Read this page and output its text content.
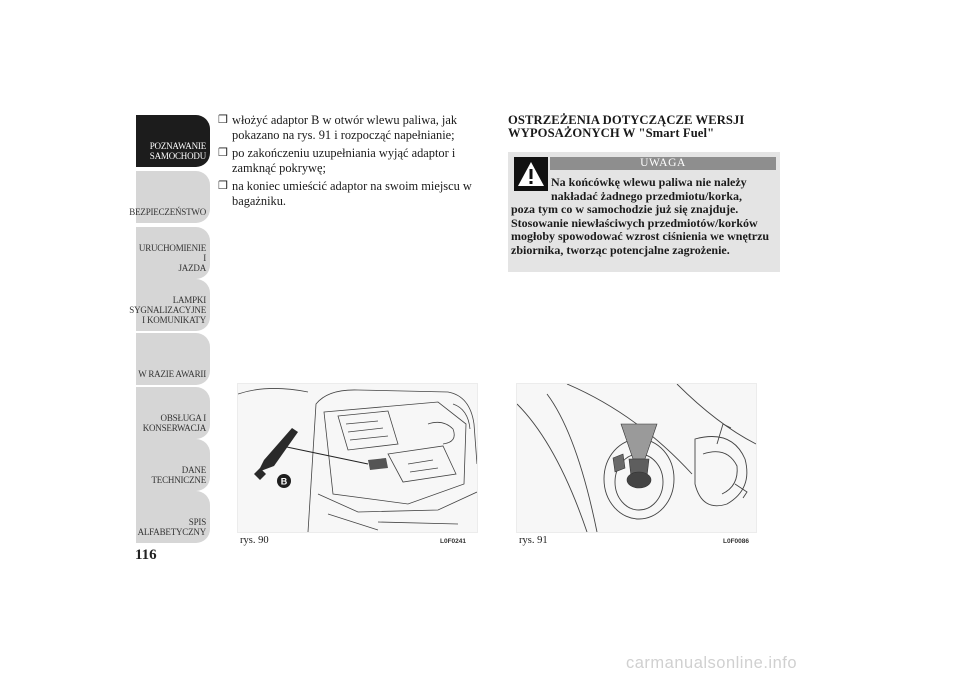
POZNAWANIE
SAMOCHODU
BEZPIECZEŃSTWO
URUCHOMIENIE I
JAZDA
LAMPKI
SYGNALIZACYJNE
I KOMUNIKATY
W RAZIE AWARII
OBSŁUGA I
KONSERWACJA
DANE
TECHNICZNE
SPIS
ALFABETYCZNY
116
❒ włożyć adaptor B w otwór wlewu paliwa, jak pokazano na rys. 91 i rozpocząć napełnianie;
❒ po zakończeniu uzupełniania wyjąć adaptor i zamknąć pokrywę;
❒ na koniec umieścić adaptor na swoim miejscu w bagażniku.
OSTRZEŻENIA DOTYCZĄCZE WERSJI WYPOSAŻONYCH W "Smart Fuel"
UWAGA
Na końcówkę wlewu paliwa nie należy nakładać żadnego przedmiotu/korka,
poza tym co w samochodzie już się znajduje. Stosowanie niewłaściwych przedmiotów/korków mogłoby spowodować wzrost ciśnienia we wnętrzu zbiornika, tworząc potencjalne zagrożenie.
B
rys. 90	L0F0241	rys. 91	L0F0086
carmanualsonline.info
